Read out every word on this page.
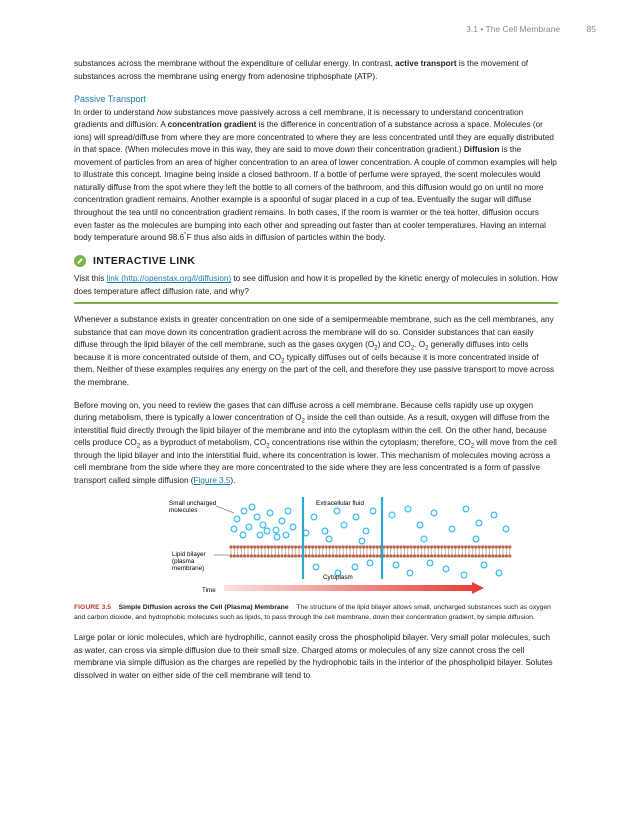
3.1 • The Cell Membrane	85

substances across the membrane without the expenditure of cellular energy. In contrast, active transport is the movement of substances across the membrane using energy from adenosine triphosphate (ATP).

Passive Transport

In order to understand how substances move passively across a cell membrane, it is necessary to understand concentration gradients and diffusion. A concentration gradient is the difference in concentration of a substance across a space. Molecules (or ions) will spread/diffuse from where they are more concentrated to where they are less concentrated until they are equally distributed in that space. (When molecules move in this way, they are said to move down their concentration gradient.) Diffusion is the movement of particles from an area of higher concentration to an area of lower concentration. A couple of common examples will help to illustrate this concept. Imagine being inside a closed bathroom. If a bottle of perfume were sprayed, the scent molecules would naturally diffuse from the spot where they left the bottle to all corners of the bathroom, and this diffusion would go on until no more concentration gradient remains. Another example is a spoonful of sugar placed in a cup of tea. Eventually the sugar will diffuse throughout the tea until no concentration gradient remains. In both cases, if the room is warmer or the tea hotter, diffusion occurs even faster as the molecules are bumping into each other and spreading out faster than at cooler temperatures. Having an internal body temperature around 98.6°F thus also aids in diffusion of particles within the body.

INTERACTIVE LINK

Visit this link (http://openstax.org/l/diffusion) to see diffusion and how it is propelled by the kinetic energy of molecules in solution. How does temperature affect diffusion rate, and why?

Whenever a substance exists in greater concentration on one side of a semipermeable membrane, such as the cell membranes, any substance that can move down its concentration gradient across the membrane will do so. Consider substances that can easily diffuse through the lipid bilayer of the cell membrane, such as the gases oxygen $(O_2)$ and $CO_2$. $O_2$ generally diffuses into cells because it is more concentrated outside of them, and $CO_2$ typically diffuses out of cells because it is more concentrated inside of them. Neither of these examples requires any energy on the part of the cell, and therefore they use passive transport to move across the membrane.

Before moving on, you need to review the gases that can diffuse across a cell membrane. Because cells rapidly use up oxygen during metabolism, there is typically a lower concentration of $O_2$ inside the cell than outside. As a result, oxygen will diffuse from the interstitial fluid directly through the lipid bilayer of the membrane and into the cytoplasm within the cell. On the other hand, because cells produce $CO_2$ as a byproduct of metabolism, $CO_2$ concentrations rise within the cytoplasm; therefore, $CO_2$ will move from the cell through the lipid bilayer and into the interstitial fluid, where its concentration is lower. This mechanism of molecules moving across a cell membrane from the side where they are more concentrated to the side where they are less concentrated is a form of passive transport called simple diffusion (Figure 3.5).

Small uncharged
molecules
Extracellular fluid
Lipid bilayer
(plasma
membrane)
Cytoplasm
Time
FIGURE 3.5 Simple Diffusion across the Cell (Plasma) Membrane The structure of the lipid bilayer allows small, uncharged substances such as oxygen and carbon dioxide, and hydrophobic molecules such as lipids, to pass through the cell membrane, down their concentration gradient, by simple diffusion.

Large polar or ionic molecules, which are hydrophilic, cannot easily cross the phospholipid bilayer. Very small polar molecules, such as water, can cross via simple diffusion due to their small size. Charged atoms or molecules of any size cannot cross the cell membrane via simple diffusion as the charges are repelled by the hydrophobic tails in the interior of the phospholipid bilayer. Solutes dissolved in water on either side of the cell membrane will tend to
